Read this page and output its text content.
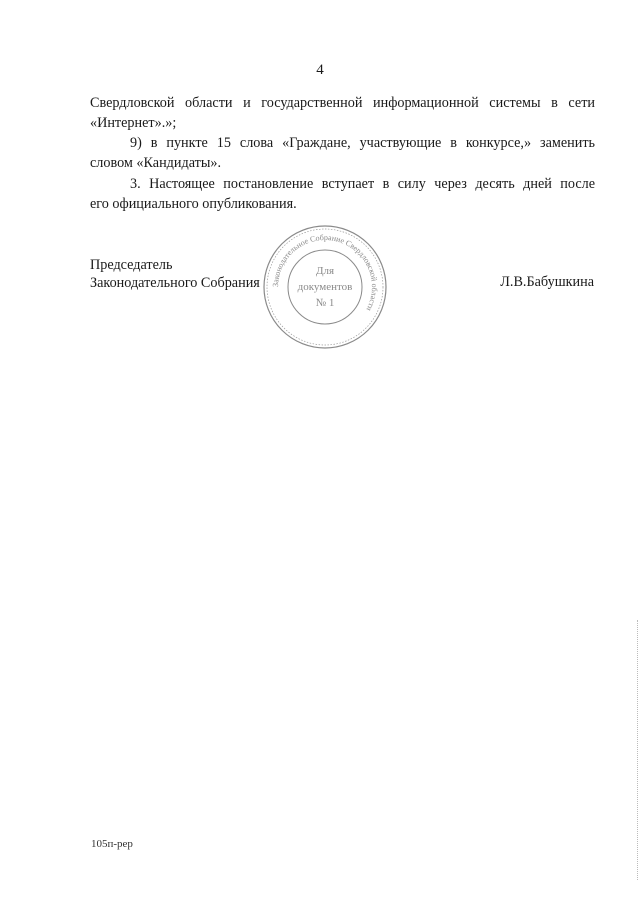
4

Свердловской области и государственной информационной системы в сети
«Интернет».»;

9) в пункте 15 слова «Граждане, участвующие в конкурсе,» заменить
словом «Кандидаты».

3. Настоящее постановление вступает в силу через десять дней после
его официального опубликования.

Председатель
Законодательного Собрания Законодательное Собрание Свердловской области
Для
документов
№ 1
Л.В.Бабушкина
105п-рер
